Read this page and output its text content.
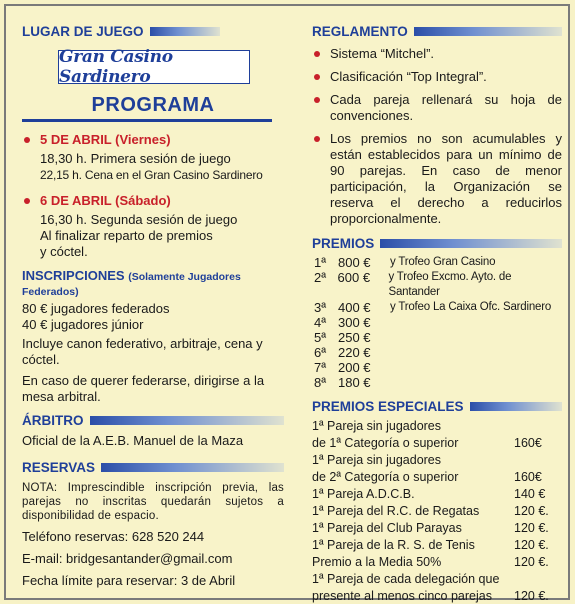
LUGAR DE JUEGO
Gran Casino Sardinero
PROGRAMA
5 DE ABRIL (Viernes)
18,30 h. Primera sesión de juego
22,15 h. Cena en el Gran Casino Sardinero
6 DE ABRIL (Sábado)
16,30 h. Segunda sesión de juego
Al finalizar reparto de premios
y cóctel.
INSCRIPCIONES (Solamente Jugadores Federados)
80 € jugadores federados
40 € jugadores júnior
Incluye canon federativo, arbitraje, cena y cóctel.
En caso de querer federarse, dirigirse a la mesa arbitral.
ÁRBITRO
Oficial de la A.E.B. Manuel de la Maza
RESERVAS
NOTA: Imprescindible inscripción previa, las parejas no inscritas quedarán sujetos a disponibilidad de espacio.
Teléfono reservas: 628 520 244
E-mail: bridgesantander@gmail.com
Fecha límite para reservar: 3 de Abril
REGLAMENTO
Sistema “Mitchel”.
Clasificación “Top Integral”.
Cada pareja rellenará su hoja de convenciones.
Los premios no son acumulables y están establecidos para un mínimo de 90 parejas. En caso de menor participación, la Organización se reserva el derecho a reducirlos proporcionalmente.
PREMIOS
1ª 800 €	y Trofeo Gran Casino
2ª 600 €	y Trofeo Excmo. Ayto. de Santander
3ª 400 €	y Trofeo La Caixa Ofc. Sardinero
4ª 300 €
5ª 250 €
6ª 220 €
7ª 200 €
8ª 180 €
PREMIOS ESPECIALES
1ª Pareja sin jugadores
de 1ª Categoría o superior	160€
1ª Pareja sin jugadores
de 2ª Categoría o superior	160€
1ª Pareja A.D.C.B.	140 €
1ª Pareja del R.C. de Regatas	120 €.
1ª Pareja del Club Parayas	120 €.
1ª Pareja de la R. S. de Tenis	120 €.
Premio a la Media 50%	120 €.
1ª Pareja de cada delegación que
presente al menos cinco parejas	120 €.
